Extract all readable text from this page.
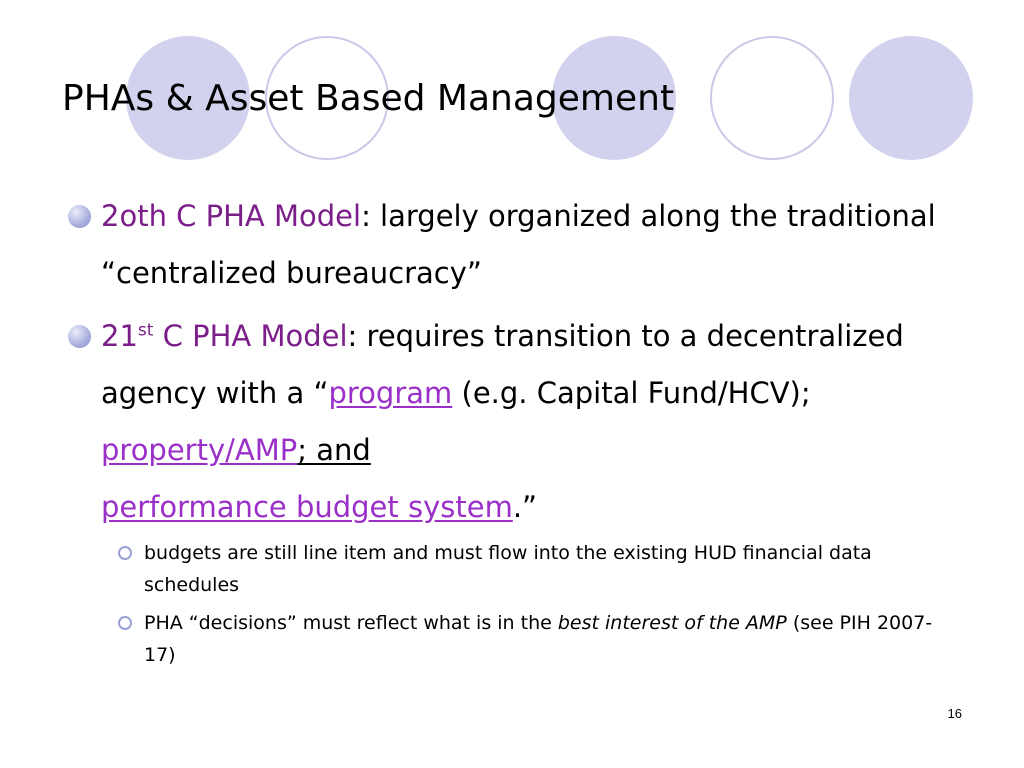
PHAs & Asset Based Management
2oth C PHA Model: largely organized along the traditional “centralized bureaucracy”
21st C PHA Model: requires transition to a decentralized agency with a “program (e.g. Capital Fund/HCV); property/AMP; and
performance budget system.”
budgets are still line item and must flow into the existing HUD financial data schedules
PHA “decisions” must reflect what is in the best interest of the AMP (see PIH 2007-17)
16
